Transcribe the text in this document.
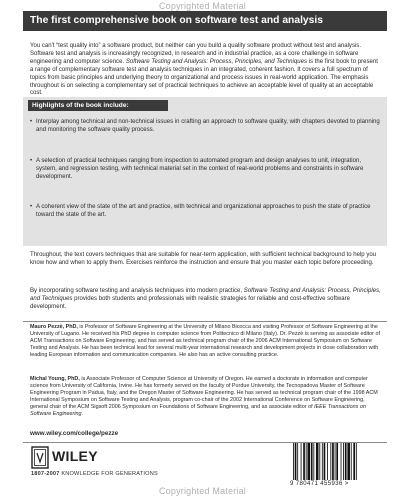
Copyrighted Material
The first comprehensive book on software test and analysis
You can't “test quality into” a software product, but neither can you build a quality software product without test and analysis. Software test and analysis is increasingly recognized, in research and in industrial practice, as a core challenge in software engineering and computer science. Software Testing and Analysis: Process, Principles, and Techniques is the first book to present a range of complementary software test and analysis techniques in an integrated, coherent fashion. It covers a full spectrum of topics from basic principles and underlying theory to organizational and process issues in real-world application. The emphasis throughout is on selecting a complementary set of practical techniques to achieve an acceptable level of quality at an acceptable cost.
Highlights of the book include:
• Interplay among technical and non-technical issues in crafting an approach to software quality, with chapters devoted to planning and monitoring the software quality process.
• A selection of practical techniques ranging from inspection to automated program and design analyses to unit, integration, system, and regression testing, with technical material set in the context of real-world problems and constraints in software development.
• A coherent view of the state of the art and practice, with technical and organizational approaches to push the state of practice toward the state of the art.
Throughout, the text covers techniques that are suitable for near-term application, with sufficient technical background to help you know how and when to apply them. Exercises reinforce the instruction and ensure that you master each topic before proceeding.
By incorporating software testing and analysis techniques into modern practice, Software Testing and Analysis: Process, Principles, and Techniques provides both students and professionals with realistic strategies for reliable and cost-effective software development.
Mauro Pezzè, PhD, is Professor of Software Engineering at the University of Milano Bicocca and visiting Professor of Software Engineering at the University of Lugano. He received his PhD degree in computer science from Politecnico di Milano (Italy). Dr. Pezzè is serving as associate editor of ACM Transactions on Software Engineering, and has served as technical program chair of the 2006 ACM International Symposium on Software Testing and Analysis. He has been technical lead for several multi-year international research and development projects in close collaboration with leading European information and communication companies. He also has an active consulting practice.
Michal Young, PhD, is Associate Professor of Computer Science at University of Oregon. He earned a doctorate in information and computer science from University of California, Irvine. He has formerly served on the faculty of Purdue University, the Tecnopadova Master of Software Engineering Program in Padua, Italy, and the Oregon Master of Software Engineering. He has served as technical program chair of the 1998 ACM International Symposium on Software Testing and Analysis, program co-chair of the 2002 International Conference on Software Engineering, general chair of the ACM Sigsoft 2006 Symposium on Foundations of Software Engineering, and as associate editor of IEEE Transactions on Software Engineering.
www.wiley.com/college/pezze
WILEY
1807-2007 KNOWLEDGE FOR GENERATIONS
9 780471 455936 >
Copyrighted Material
